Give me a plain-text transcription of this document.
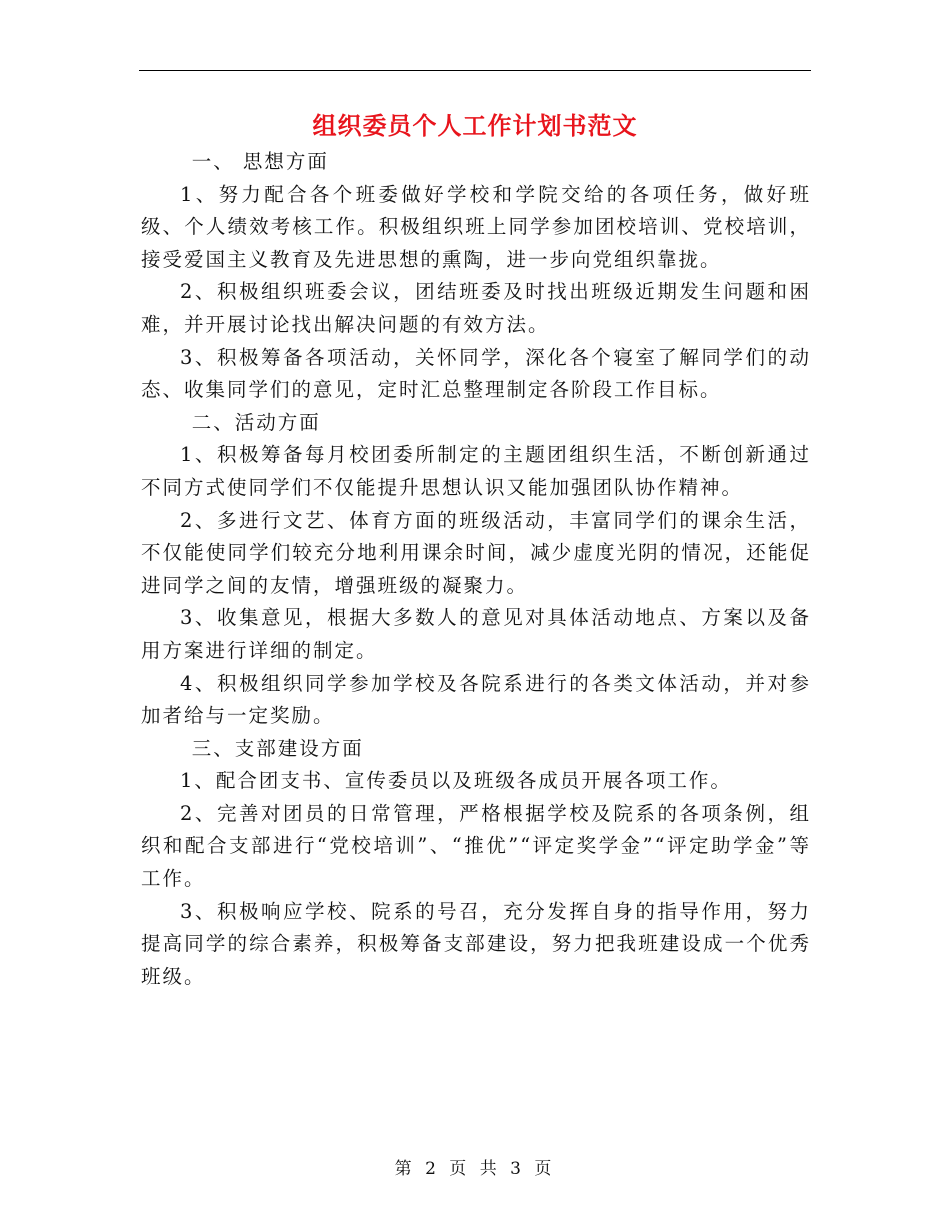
组织委员个人工作计划书范文

一、 思想方面

1、努力配合各个班委做好学校和学院交给的各项任务，做好班级、个人绩效考核工作。积极组织班上同学参加团校培训、党校培训，接受爱国主义教育及先进思想的熏陶，进一步向党组织靠拢。

2、积极组织班委会议，团结班委及时找出班级近期发生问题和困难，并开展讨论找出解决问题的有效方法。

3、积极筹备各项活动，关怀同学，深化各个寝室了解同学们的动态、收集同学们的意见，定时汇总整理制定各阶段工作目标。

二、活动方面

1、积极筹备每月校团委所制定的主题团组织生活，不断创新通过不同方式使同学们不仅能提升思想认识又能加强团队协作精神。

2、多进行文艺、体育方面的班级活动，丰富同学们的课余生活，不仅能使同学们较充分地利用课余时间，减少虚度光阴的情况，还能促进同学之间的友情，增强班级的凝聚力。

3、收集意见，根据大多数人的意见对具体活动地点、方案以及备用方案进行详细的制定。

4、积极组织同学参加学校及各院系进行的各类文体活动，并对参加者给与一定奖励。

三、支部建设方面

1、配合团支书、宣传委员以及班级各成员开展各项工作。

2、完善对团员的日常管理，严格根据学校及院系的各项条例，组织和配合支部进行“党校培训”、“推优”“评定奖学金”“评定助学金”等工作。

3、积极响应学校、院系的号召，充分发挥自身的指导作用，努力提高同学的综合素养，积极筹备支部建设，努力把我班建设成一个优秀班级。

第 2 页 共 3 页
